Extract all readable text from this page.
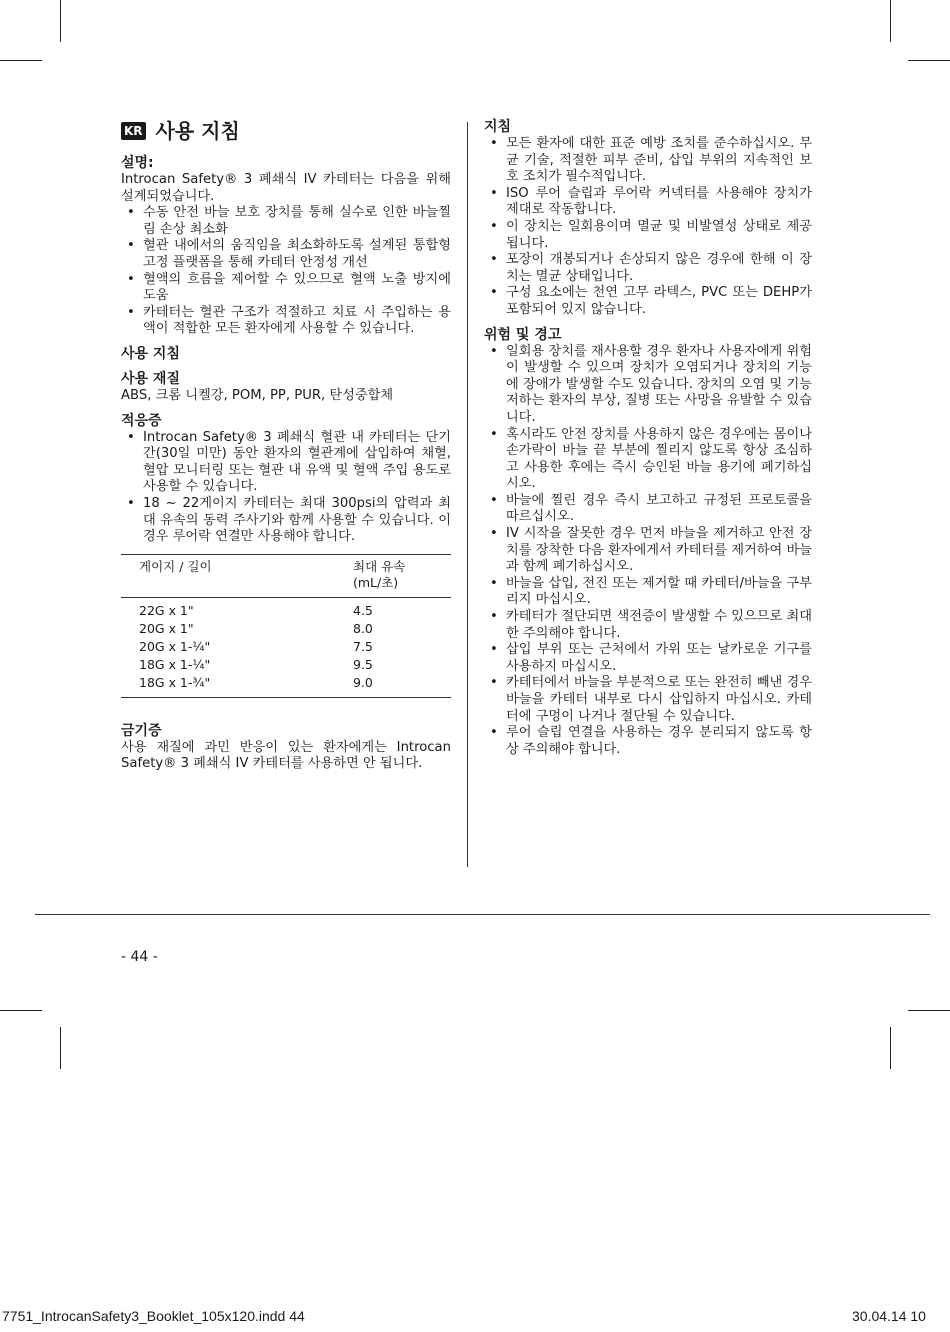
KR 사용 지침
설명:

Introcan Safety® 3 폐쇄식 IV 카테터는 다음을 위해 설계되었습니다.

• 수동 안전 바늘 보호 장치를 통해 실수로 인한 바늘찔림 손상 최소화
• 혈관 내에서의 움직임을 최소화하도록 설계된 통합형 고정 플랫폼을 통해 카테터 안정성 개선
• 혈액의 흐름을 제어할 수 있으므로 혈액 노출 방지에 도움
• 카테터는 혈관 구조가 적절하고 치료 시 주입하는 용액이 적합한 모든 환자에게 사용할 수 있습니다.
사용 지침
사용 재질

ABS, 크롬 니켈강, POM, PP, PUR, 탄성중합체

적응증
• Introcan Safety® 3 폐쇄식 혈관 내 카테터는 단기간(30일 미만) 동안 환자의 혈관계에 삽입하여 채혈, 혈압 모니터링 또는 혈관 내 유액 및 혈액 주입 용도로 사용할 수 있습니다.
• 18 ~ 22게이지 카테터는 최대 300psi의 압력과 최대 유속의 동력 주사기와 함께 사용할 수 있습니다. 이 경우 루어락 연결만 사용해야 합니다.
게이지 / 길이	최대 유속
(mL/초)
22G x 1"	4.5
20G x 1"	8.0
20G x 1-¼"	7.5
18G x 1-¼"	9.5
18G x 1-¾"	9.0
금기증

사용 재질에 과민 반응이 있는 환자에게는 Introcan Safety® 3 폐쇄식 IV 카테터를 사용하면 안 됩니다.

지침
• 모든 환자에 대한 표준 예방 조치를 준수하십시오. 무균 기술, 적절한 피부 준비, 삽입 부위의 지속적인 보호 조치가 필수적입니다.
• ISO 루어 슬립과 루어락 커넥터를 사용해야 장치가 제대로 작동합니다.
• 이 장치는 일회용이며 멸균 및 비발열성 상태로 제공됩니다.
• 포장이 개봉되거나 손상되지 않은 경우에 한해 이 장치는 멸균 상태입니다.
• 구성 요소에는 천연 고무 라텍스, PVC 또는 DEHP가 포함되어 있지 않습니다.
위험 및 경고
• 일회용 장치를 재사용할 경우 환자나 사용자에게 위험이 발생할 수 있으며 장치가 오염되거나 장치의 기능에 장애가 발생할 수도 있습니다. 장치의 오염 및 기능 저하는 환자의 부상, 질병 또는 사망을 유발할 수 있습니다.
• 혹시라도 안전 장치를 사용하지 않은 경우에는 몸이나 손가락이 바늘 끝 부분에 찔리지 않도록 항상 조심하고 사용한 후에는 즉시 승인된 바늘 용기에 폐기하십시오.
• 바늘에 찔린 경우 즉시 보고하고 규정된 프로토콜을 따르십시오.
• IV 시작을 잘못한 경우 먼저 바늘을 제거하고 안전 장치를 장착한 다음 환자에게서 카테터를 제거하여 바늘과 함께 폐기하십시오.
• 바늘을 삽입, 전진 또는 제거할 때 카테터/바늘을 구부리지 마십시오.
• 카테터가 절단되면 색전증이 발생할 수 있으므로 최대한 주의해야 합니다.
• 삽입 부위 또는 근처에서 가위 또는 날카로운 기구를 사용하지 마십시오.
• 카테터에서 바늘을 부분적으로 또는 완전히 빼낸 경우 바늘을 카테터 내부로 다시 삽입하지 마십시오. 카테터에 구멍이 나거나 절단될 수 있습니다.
• 루어 슬립 연결을 사용하는 경우 분리되지 않도록 항상 주의해야 합니다.
- 44 -
7751_IntrocanSafety3_Booklet_105x120.indd 44	30.04.14 10
